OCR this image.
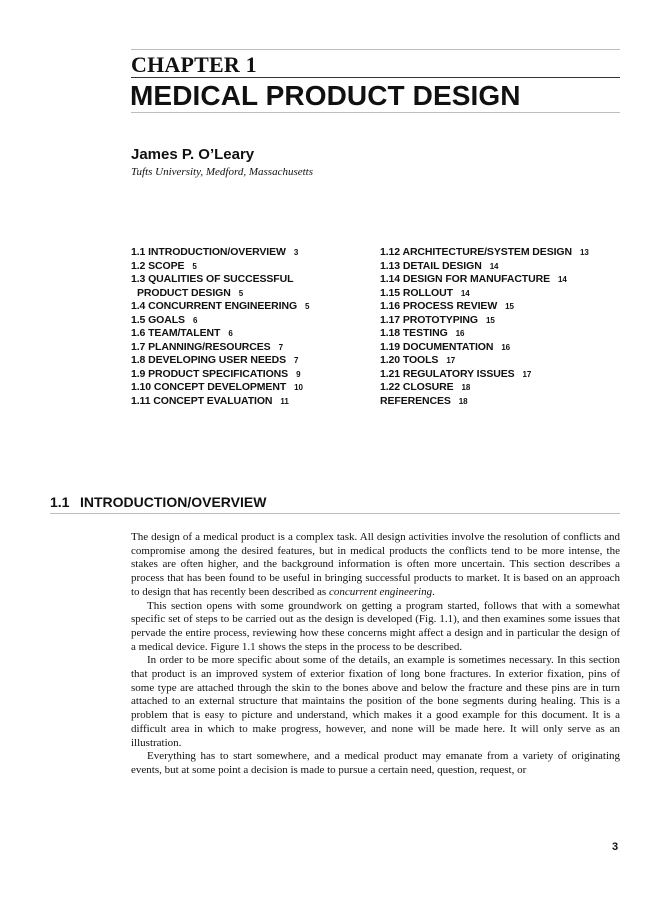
CHAPTER 1
MEDICAL PRODUCT DESIGN
James P. O’Leary
Tufts University, Medford, Massachusetts
1.1 INTRODUCTION/OVERVIEW 3
1.2 SCOPE 5
1.3 QUALITIES OF SUCCESSFUL
PRODUCT DESIGN 5
1.4 CONCURRENT ENGINEERING 5
1.5 GOALS 6
1.6 TEAM/TALENT 6
1.7 PLANNING/RESOURCES 7
1.8 DEVELOPING USER NEEDS 7
1.9 PRODUCT SPECIFICATIONS 9
1.10 CONCEPT DEVELOPMENT 10
1.11 CONCEPT EVALUATION 11
1.12 ARCHITECTURE/SYSTEM DESIGN 13
1.13 DETAIL DESIGN 14
1.14 DESIGN FOR MANUFACTURE 14
1.15 ROLLOUT 14
1.16 PROCESS REVIEW 15
1.17 PROTOTYPING 15
1.18 TESTING 16
1.19 DOCUMENTATION 16
1.20 TOOLS 17
1.21 REGULATORY ISSUES 17
1.22 CLOSURE 18
REFERENCES 18
1.1 INTRODUCTION/OVERVIEW

The design of a medical product is a complex task. All design activities involve the resolution of conflicts and compromise among the desired features, but in medical products the conflicts tend to be more intense, the stakes are often higher, and the background information is often more uncertain. This section describes a process that has been found to be useful in bringing successful products to market. It is based on an approach to design that has recently been described as concurrent engineering.

This section opens with some groundwork on getting a program started, follows that with a somewhat specific set of steps to be carried out as the design is developed (Fig. 1.1), and then examines some issues that pervade the entire process, reviewing how these concerns might affect a design and in particular the design of a medical device. Figure 1.1 shows the steps in the process to be described.

In order to be more specific about some of the details, an example is sometimes necessary. In this section that product is an improved system of exterior fixation of long bone fractures. In exterior fixation, pins of some type are attached through the skin to the bones above and below the fracture and these pins are in turn attached to an external structure that maintains the position of the bone segments during healing. This is a problem that is easy to picture and understand, which makes it a good example for this document. It is a difficult area in which to make progress, however, and none will be made here. It will only serve as an illustration.

Everything has to start somewhere, and a medical product may emanate from a variety of originating events, but at some point a decision is made to pursue a certain need, question, request, or

3
